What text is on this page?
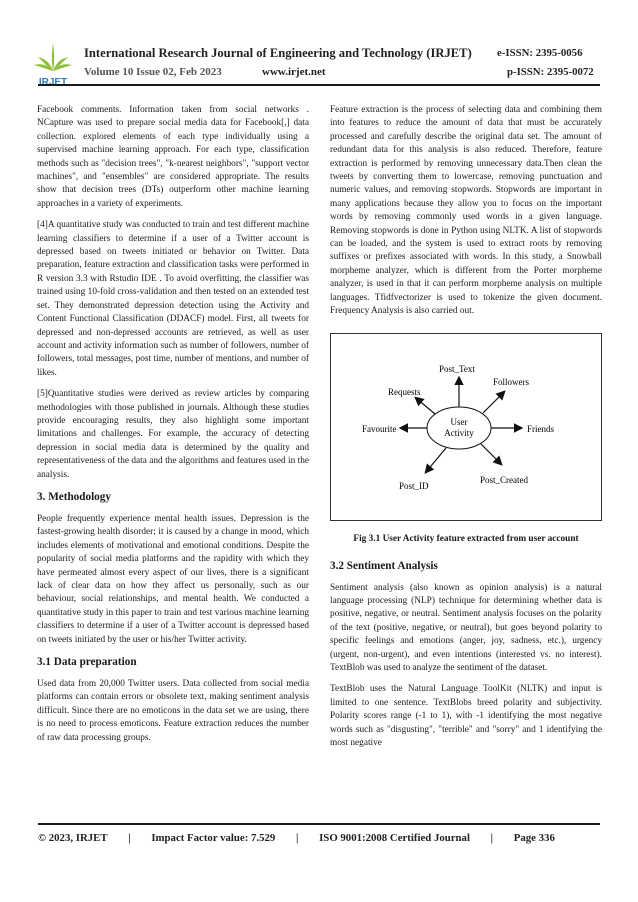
IRJET
International Research Journal of Engineering and Technology (IRJET) e-ISSN: 2395-0056
Volume 10 Issue 02, Feb 2023	www.irjet.net	p-ISSN: 2395-0072

Facebook comments. Information taken from social networks . NCapture was used to prepare social media data for Facebook[,] data collection. explored elements of each type individually using a supervised machine learning approach. For each type, classification methods such as "decision trees", "k-nearest neighbors", "support vector machines", and "ensembles" are considered appropriate. The results show that decision trees (DTs) outperform other machine learning approaches in a variety of experiments.

[4]A quantitative study was conducted to train and test different machine learning classifiers to determine if a user of a Twitter account is depressed based on tweets initiated or behavior on Twitter. Data preparation, feature extraction and classification tasks were performed in R version 3.3 with Rstudio IDE . To avoid overfitting, the classifier was trained using 10-fold cross-validation and then tested on an extended test set. They demonstrated depression detection using the Activity and Content Functional Classification (DDACF) model. First, all tweets for depressed and non-depressed accounts are retrieved, as well as user account and activity information such as number of followers, number of followers, total messages, post time, number of mentions, and number of likes.

[5]Quantitative studies were derived as review articles by comparing methodologies with those published in journals. Although these studies provide encouraging results, they also highlight some important limitations and challenges. For example, the accuracy of detecting depression in social media data is determined by the quality and representativeness of the data and the algorithms and features used in the analysis.

3. Methodology

People frequently experience mental health issues. Depression is the fastest-growing health disorder; it is caused by a change in mood, which includes elements of motivational and emotional conditions. Despite the popularity of social media platforms and the rapidity with which they have permeated almost every aspect of our lives, there is a significant lack of clear data on how they affect us personally, such as our behaviour, social relationships, and mental health. We conducted a quantitative study in this paper to train and test various machine learning classifiers to determine if a user of a Twitter account is depressed based on tweets initiated by the user or his/her Twitter activity.

3.1 Data preparation

Used data from 20,000 Twitter users. Data collected from social media platforms can contain errors or obsolete text, making sentiment analysis difficult. Since there are no emoticons in the data set we are using, there is no need to process emoticons. Feature extraction reduces the number of raw data processing groups.

Feature extraction is the process of selecting data and combining them into features to reduce the amount of data that must be accurately processed and carefully describe the original data set. The amount of redundant data for this analysis is also reduced. Therefore, feature extraction is performed by removing unnecessary data.Then clean the tweets by converting them to lowercase, removing punctuation and numeric values, and removing stopwords. Stopwords are important in many applications because they allow you to focus on the important words by removing commonly used words in a given language. Removing stopwords is done in Python using NLTK. A list of stopwords can be loaded, and the system is used to extract roots by removing suffixes or prefixes associated with words. In this study, a Snowball morpheme analyzer, which is different from the Porter morpheme analyzer, is used in that it can perform morpheme analysis on multiple languages. Tfidfvectorizer is used to tokenize the given document. Frequency Analysis is also carried out.

User
Activity
Post_Text
Followers
Friends
Post_Created
Post_ID
Favourite
Requests
Fig 3.1 User Activity feature extracted from user account
3.2 Sentiment Analysis

Sentiment analysis (also known as opinion analysis) is a natural language processing (NLP) technique for determining whether data is positive, negative, or neutral. Sentiment analysis focuses on the polarity of the text (positive, negative, or neutral), but goes beyond polarity to specific feelings and emotions (anger, joy, sadness, etc.), urgency (urgent, non-urgent), and even intentions (interested vs. no interest). TextBlob was used to analyze the sentiment of the dataset.

TextBlob uses the Natural Language ToolKit (NLTK) and input is limited to one sentence. TextBlobs breed polarity and subjectivity. Polarity scores range (-1 to 1), with -1 identifying the most negative words such as "disgusting", "terrible" and "sorry" and 1 identifying the most negative

© 2023, IRJET | Impact Factor value: 7.529 | ISO 9001:2008 Certified Journal | Page 336
